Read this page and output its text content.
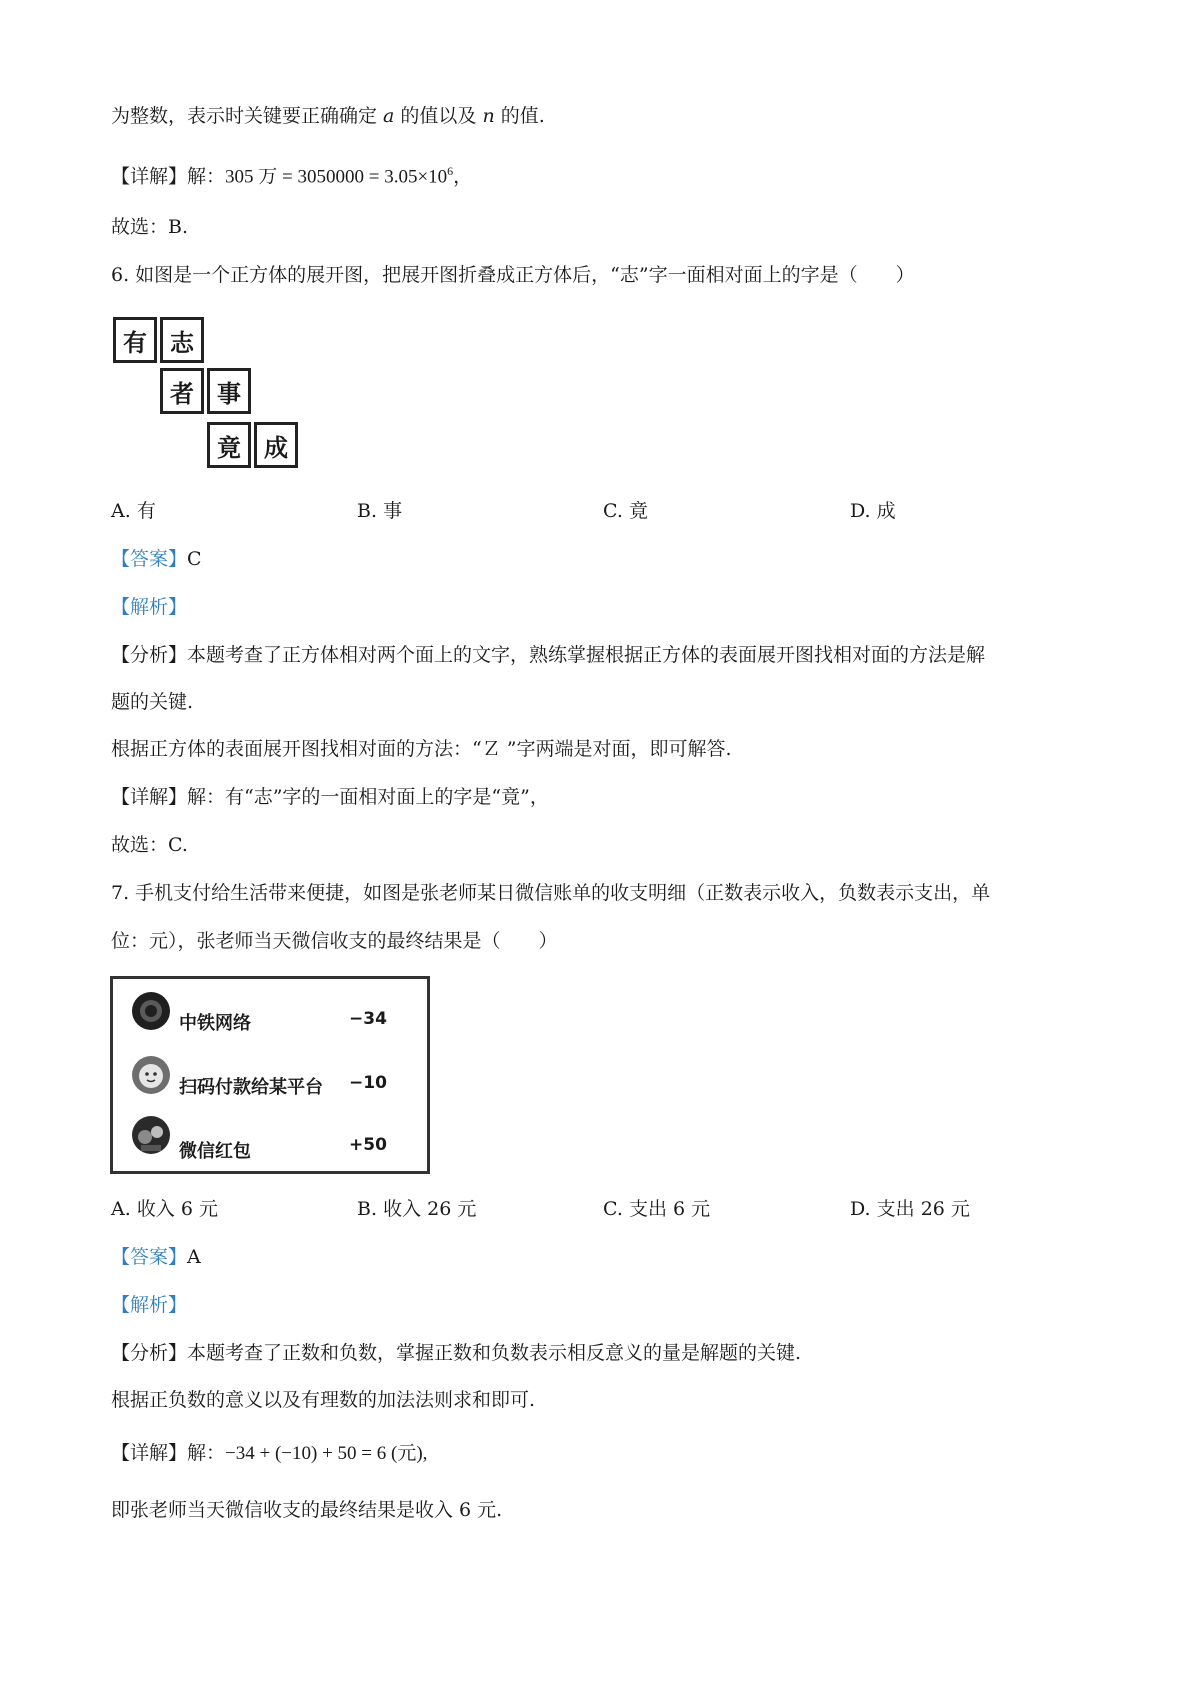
为整数，表示时关键要正确确定 a 的值以及 n 的值.
【详解】解：305 万 = $3050000 = 3.05\times 10^6$，
故选：B.
6. 如图是一个正方体的展开图，把展开图折叠成正方体后，“志”字一面相对面上的字是（　　）
有 志
者 事
竟 成
A. 有	B. 事	C. 竟	D. 成
【答案】C
【解析】
【分析】本题考查了正方体相对两个面上的文字，熟练掌握根据正方体的表面展开图找相对面的方法是解
题的关键.
根据正方体的表面展开图找相对面的方法：“Ｚ ”字两端是对面，即可解答.
【详解】解：有“志”字的一面相对面上的字是“竟”，
故选：C.
7. 手机支付给生活带来便捷，如图是张老师某日微信账单的收支明细（正数表示收入，负数表示支出，单
位：元），张老师当天微信收支的最终结果是（　　）
中铁网络	−34
扫码付款给某平台 −10
微信红包	+50
A. 收入 6 元	B. 收入 26 元	C. 支出 6 元	D. 支出 26 元
【答案】A
【解析】
【分析】本题考查了正数和负数，掌握正数和负数表示相反意义的量是解题的关键.
根据正负数的意义以及有理数的加法法则求和即可.
【详解】解：−34 + (−10) + 50 = 6 (元),
即张老师当天微信收支的最终结果是收入 6 元.
